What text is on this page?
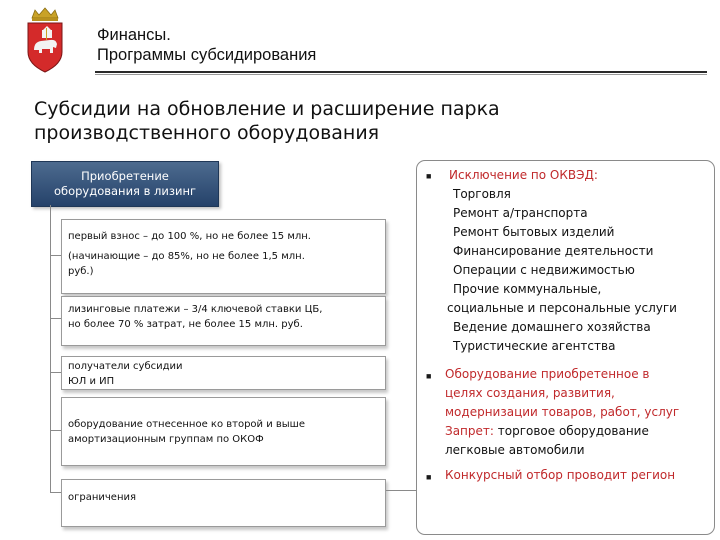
Финансы.
Программы субсидирования
Субсидии на обновление и расширение парка
производственного оборудования
Приобретение
оборудования в лизинг
первый взнос – до 100 %, но не более 15 млн.
(начинающие – до 85%, но не более 1,5 млн.
руб.)
лизинговые платежи – 3/4 ключевой ставки ЦБ,
но более 70 % затрат, не более 15 млн. руб.
получатели субсидии
ЮЛ и ИП
оборудование отнесенное ко второй и выше
амортизационным группам по ОКОФ
ограничения
■ Исключение по ОКВЭД:
Торговля
Ремонт а/транспорта
Ремонт бытовых изделий
Финансирование деятельности
Операции с недвижимостью
Прочие коммунальные,
социальные и персональные услуги
Ведение домашнего хозяйства
Туристические агентства
■ Оборудование приобретенное в
целях создания, развития,
модернизации товаров, работ, услуг
Запрет: торговое оборудование
легковые автомобили
■ Конкурсный отбор проводит регион
